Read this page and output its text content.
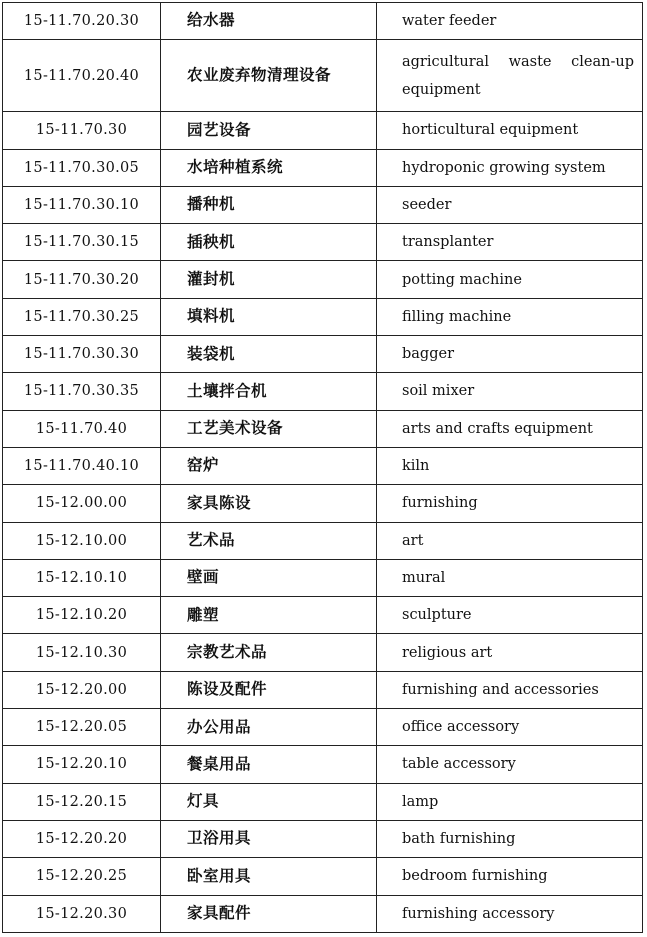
15-11.70.20.30	给水器	water feeder
15-11.70.20.40	农业废弃物清理设备	agricultural waste clean-up equipment
15-11.70.30	园艺设备	horticultural equipment
15-11.70.30.05	水培种植系统	hydroponic growing system
15-11.70.30.10	播种机	seeder
15-11.70.30.15	插秧机	transplanter
15-11.70.30.20	灌封机	potting machine
15-11.70.30.25	填料机	filling machine
15-11.70.30.30	装袋机	bagger
15-11.70.30.35	土壤拌合机	soil mixer
15-11.70.40	工艺美术设备	arts and crafts equipment
15-11.70.40.10	窑炉	kiln
15-12.00.00	家具陈设	furnishing
15-12.10.00	艺术品	art
15-12.10.10	壁画	mural
15-12.10.20	雕塑	sculpture
15-12.10.30	宗教艺术品	religious art
15-12.20.00	陈设及配件	furnishing and accessories
15-12.20.05	办公用品	office accessory
15-12.20.10	餐桌用品	table accessory
15-12.20.15	灯具	lamp
15-12.20.20	卫浴用具	bath furnishing
15-12.20.25	卧室用具	bedroom furnishing
15-12.20.30	家具配件	furnishing accessory
